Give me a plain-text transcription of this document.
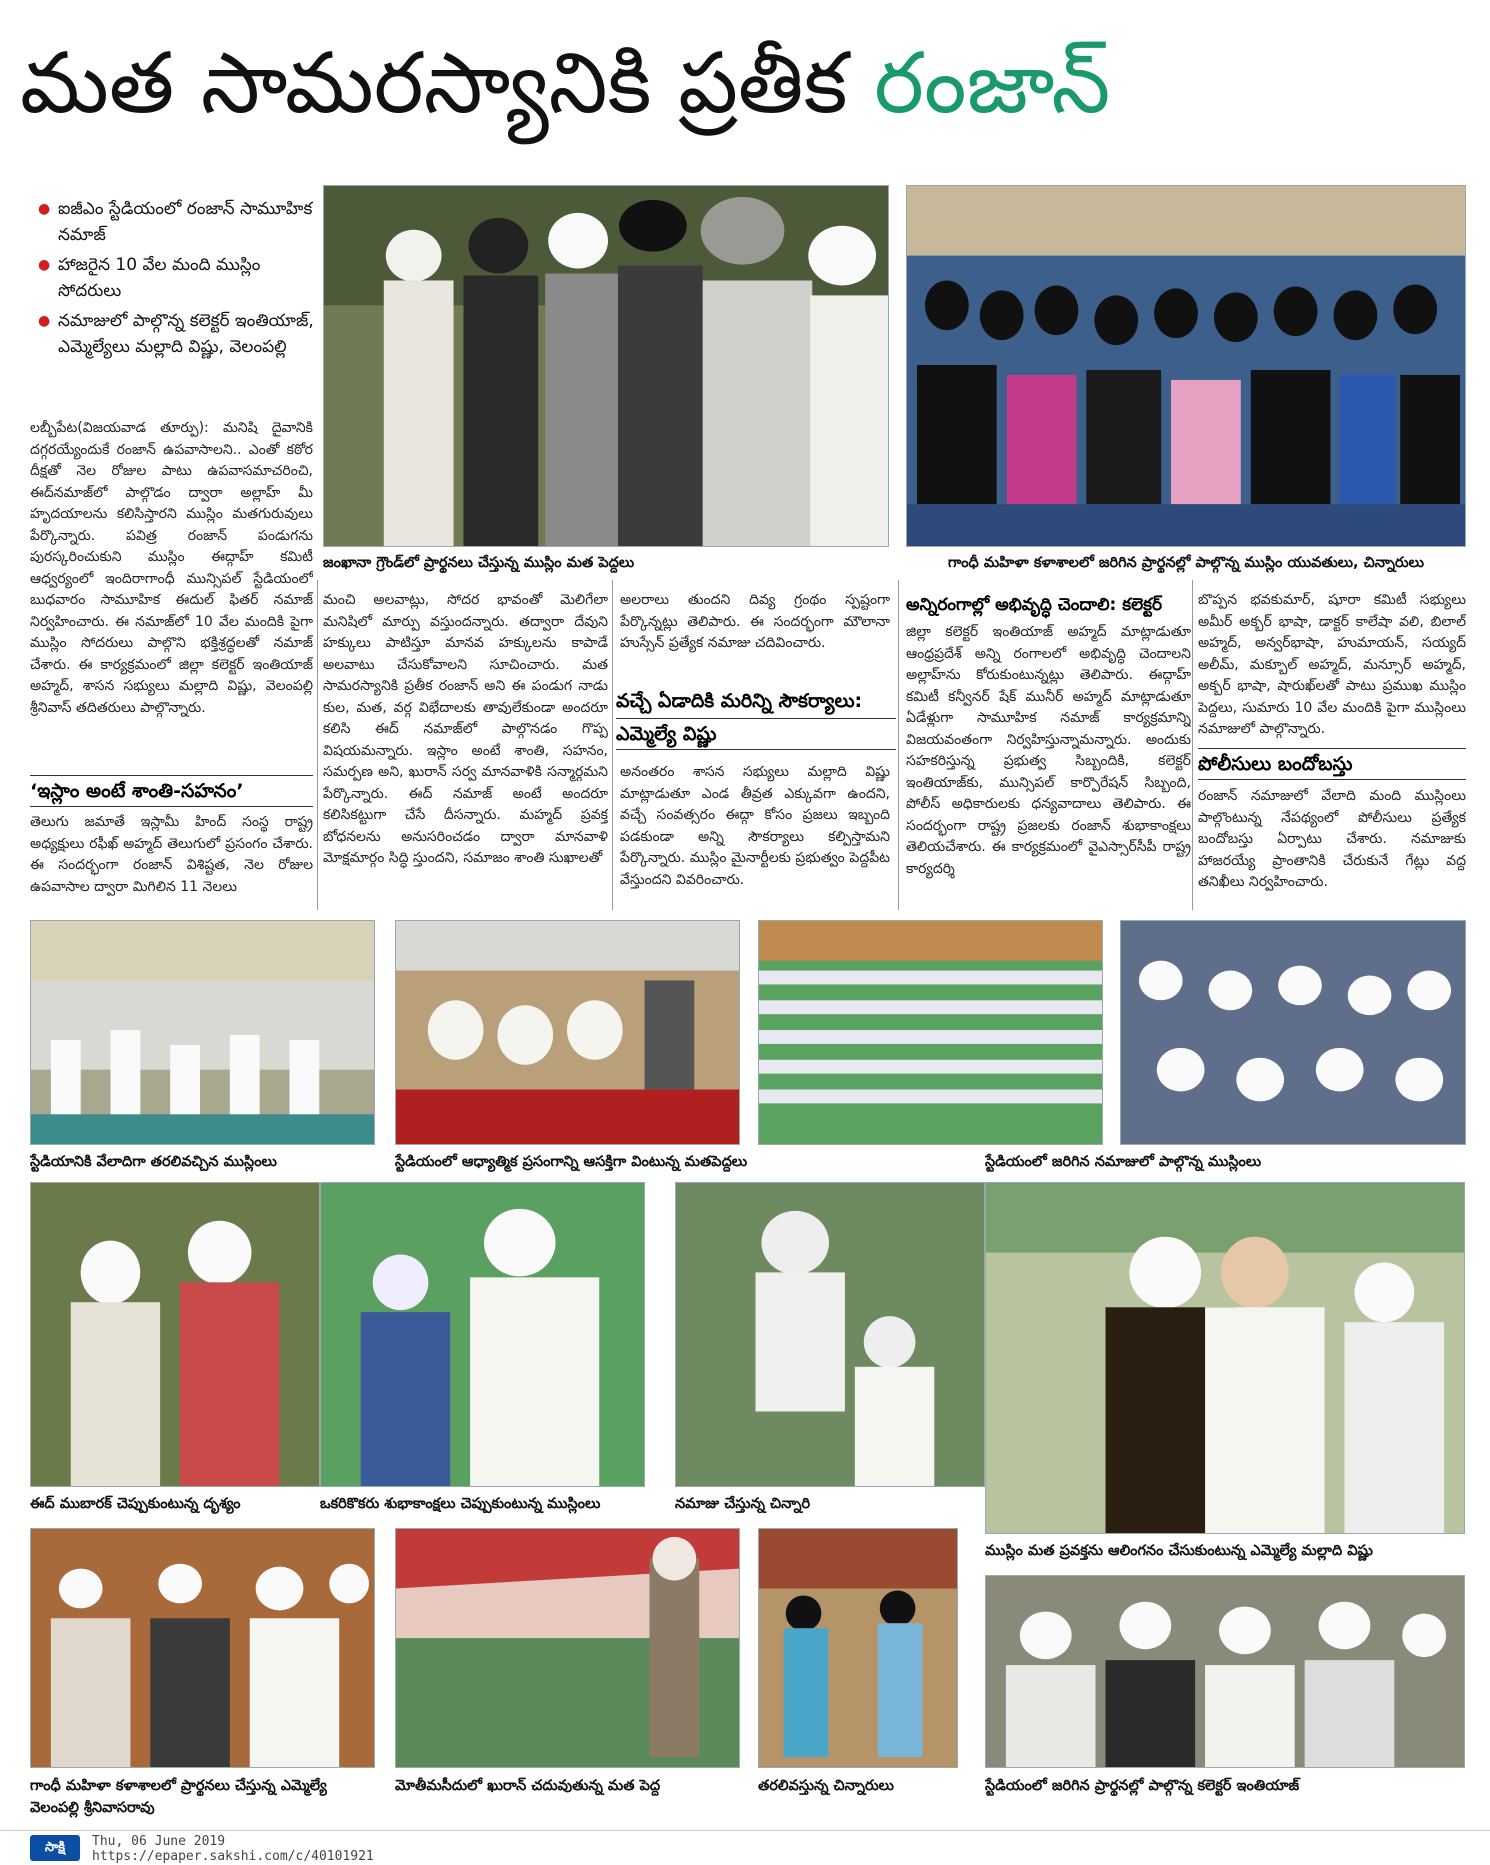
మత సామరస్యానికి ప్రతీక రంజాన్
● ఐజీఎం స్టేడియంలో రంజాన్ సామూహిక నమాజ్
● హాజరైన 10 వేల మంది ముస్లిం సోదరులు
● నమాజులో పాల్గొన్న కలెక్టర్ ఇంతియాజ్, ఎమ్మెల్యేలు మల్లాది విష్ణు, వెలంపల్లి
జంఖానా గ్రౌండ్‌లో ప్రార్థనలు చేస్తున్న ముస్లిం మత పెద్దలు	గాంధీ మహిళా కళాశాలలో జరిగిన ప్రార్థనల్లో పాల్గొన్న ముస్లిం యువతులు, చిన్నారులు
లబ్బీపేట(విజయవాడ తూర్పు): మనిషి దైవానికి దగ్గరయ్యేందుకే రంజాన్ ఉపవాసాలని.. ఎంతో కఠోర దీక్షతో నెల రోజుల పాటు ఉపవాసమాచరించి, ఈద్‌నమాజ్‌లో పాల్గొడం ద్వారా అల్లాహ్ మీ హృదయాలను కలిసిస్తారని ముస్లిం మతగురువులు పేర్కొన్నారు. పవిత్ర రంజాన్ పండుగను పురస్కరించుకుని ముస్లిం ఈద్గాహ్ కమిటీ ఆధ్వర్యంలో ఇందిరాగాంధీ మున్సిపల్ స్టేడియంలో బుధవారం సామూహిక ఈదుల్ ఫితర్ నమాజ్ నిర్వహించారు. ఈ నమాజ్‌లో 10 వేల మందికి పైగా ముస్లిం సోదరులు పాల్గొని భక్తిశ్రద్ధలతో నమాజ్ చేశారు. ఈ కార్యక్రమంలో జిల్లా కలెక్టర్ ఇంతియాజ్ అహ్మద్, శాసన సభ్యులు మల్లాది విష్ణు, వెలంపల్లి శ్రీనివాస్ తదితరులు పాల్గొన్నారు.
‘ఇస్లాం అంటే శాంతి-సహనం’
తెలుగు జమాతే ఇస్లామీ హింద్ సంస్థ రాష్ట్ర అధ్యక్షులు రఫీఖ్ అహ్మద్ తెలుగులో ప్రసంగం చేశారు. ఈ సందర్భంగా రంజాన్ విశిష్టత, నెల రోజుల ఉపవాసాల ద్వారా మిగిలిన 11 నెలలు
మంచి అలవాట్లు, సోదర భావంతో మెలిగేలా మనిషిలో మార్పు వస్తుందన్నారు. తద్వారా దేవుని హక్కులు పాటిస్తూ మానవ హక్కులను కాపాడే అలవాటు చేసుకోవాలని సూచించారు. మత సామరస్యానికి ప్రతీక రంజాన్ అని ఈ పండుగ నాడు కుల, మత, వర్గ విభేదాలకు తావులేకుండా అందరూ కలిసి ఈద్ నమాజ్‌లో పాల్గొనడం గొప్ప విషయమన్నారు. ఇస్లాం అంటే శాంతి, సహనం, సమర్పణ అని, ఖురాన్ సర్వ మానవాళికి సన్మార్గమని పేర్కొన్నారు. ఈద్ నమాజ్ అంటే అందరూ కలిసికట్టుగా చేసే దీసన్నారు. మహ్మద్ ప్రవక్త బోధనలను అనుసరించడం ద్వారా మానవాళి మోక్షమార్గం సిద్ధి స్తుందని, సమాజం శాంతి సుఖాలతో
అలరాలు తుందని దివ్య గ్రంథం స్పష్టంగా పేర్కొన్నట్లు తెలిపారు. ఈ సందర్భంగా మౌలానా హుస్సేన్ ప్రత్యేక నమాజు చదివించారు.
వచ్చే ఏడాదికి మరిన్ని సౌకర్యాలు:
ఎమ్మెల్యే విష్ణు
అనంతరం శాసన సభ్యులు మల్లాది విష్ణు మాట్లాడుతూ ఎండ తీవ్రత ఎక్కువగా ఉందని, వచ్చే సంవత్సరం ఈద్గా కోసం ప్రజలు ఇబ్బంది పడకుండా అన్ని సౌకర్యాలు కల్పిస్తామని పేర్కొన్నారు. ముస్లిం మైనార్టీలకు ప్రభుత్వం పెద్దపీట వేస్తుందని వివరించారు.
అన్నిరంగాల్లో అభివృద్ధి చెందాలి: కలెక్టర్
జిల్లా కలెక్టర్ ఇంతియాజ్ అహ్మద్ మాట్లాడుతూ ఆంధ్రప్రదేశ్ అన్ని రంగాలలో అభివృద్ధి చెందాలని అల్లాహ్‌ను కోరుకుంటున్నట్లు తెలిపారు. ఈద్గాహ్ కమిటీ కన్వీనర్ షేక్ మునీర్ అహ్మద్ మాట్లాడుతూ ఏడేళ్లుగా సామూహిక నమాజ్ కార్యక్రమాన్ని విజయవంతంగా నిర్వహిస్తున్నామన్నారు. అందుకు సహకరిస్తున్న ప్రభుత్వ సిబ్బందికి, కలెక్టర్ ఇంతియాజ్‌కు, మున్సిపల్ కార్పొరేషన్ సిబ్బంది, పోలీస్ అధికారులకు ధన్యవాదాలు తెలిపారు. ఈ సందర్భంగా రాష్ట్ర ప్రజలకు రంజాన్ శుభాకాంక్షలు తెలియచేశారు. ఈ కార్యక్రమంలో వైఎస్సార్‌సీపీ రాష్ట్ర కార్యదర్శి
బొప్పన భవకుమార్, షూరా కమిటీ సభ్యులు అమీర్ అక్బర్ భాషా, డాక్టర్ కాలేషా వలి, బిలాల్ అహ్మద్, అన్వర్‌భాషా, హుమాయన్, సయ్యద్ అలీమ్, మక్బూల్ అహ్మద్, మన్సూర్ అహ్మద్, అక్బర్ భాషా, షారుఖ్‌లతో పాటు ప్రముఖ ముస్లిం పెద్దలు, సుమారు 10 వేల మందికి పైగా ముస్లింలు నమాజులో పాల్గొన్నారు.
పోలీసులు బందోబస్తు
రంజాన్ నమాజులో వేలాది మంది ముస్లింలు పాల్గొంటున్న నేపథ్యంలో పోలీసులు ప్రత్యేక బందోబస్తు ఏర్పాటు చేశారు. నమాజుకు హాజరయ్యే ప్రాంతానికి చేరుకునే గేట్లు వద్ద తనిఖీలు నిర్వహించారు.
స్టేడియానికి వేలాదిగా తరలివచ్చిన ముస్లింలు	స్టేడియంలో ఆధ్యాత్మిక ప్రసంగాన్ని ఆసక్తిగా వింటున్న మతపెద్దలు	స్టేడియంలో జరిగిన నమాజులో పాల్గొన్న ముస్లింలు
ఈద్ ముబారక్ చెప్పుకుంటున్న దృశ్యం	ఒకరికొకరు శుభాకాంక్షలు చెప్పుకుంటున్న ముస్లింలు	నమాజు చేస్తున్న చిన్నారి
ముస్లిం మత ప్రవక్తను ఆలింగనం చేసుకుంటున్న ఎమ్మెల్యే మల్లాది విష్ణు
గాంధీ మహిళా కళాశాలలో ప్రార్థనలు చేస్తున్న ఎమ్మెల్యే
వెలంపల్లి శ్రీనివాసరావు
మోతీమసీదులో ఖురాన్ చదువుతున్న మత పెద్ద	తరలివస్తున్న చిన్నారులు	స్టేడియంలో జరిగిన ప్రార్థనల్లో పాల్గొన్న కలెక్టర్ ఇంతియాజ్
సాక్షి	Thu, 06 June 2019
https://epaper.sakshi.com/c/40101921
